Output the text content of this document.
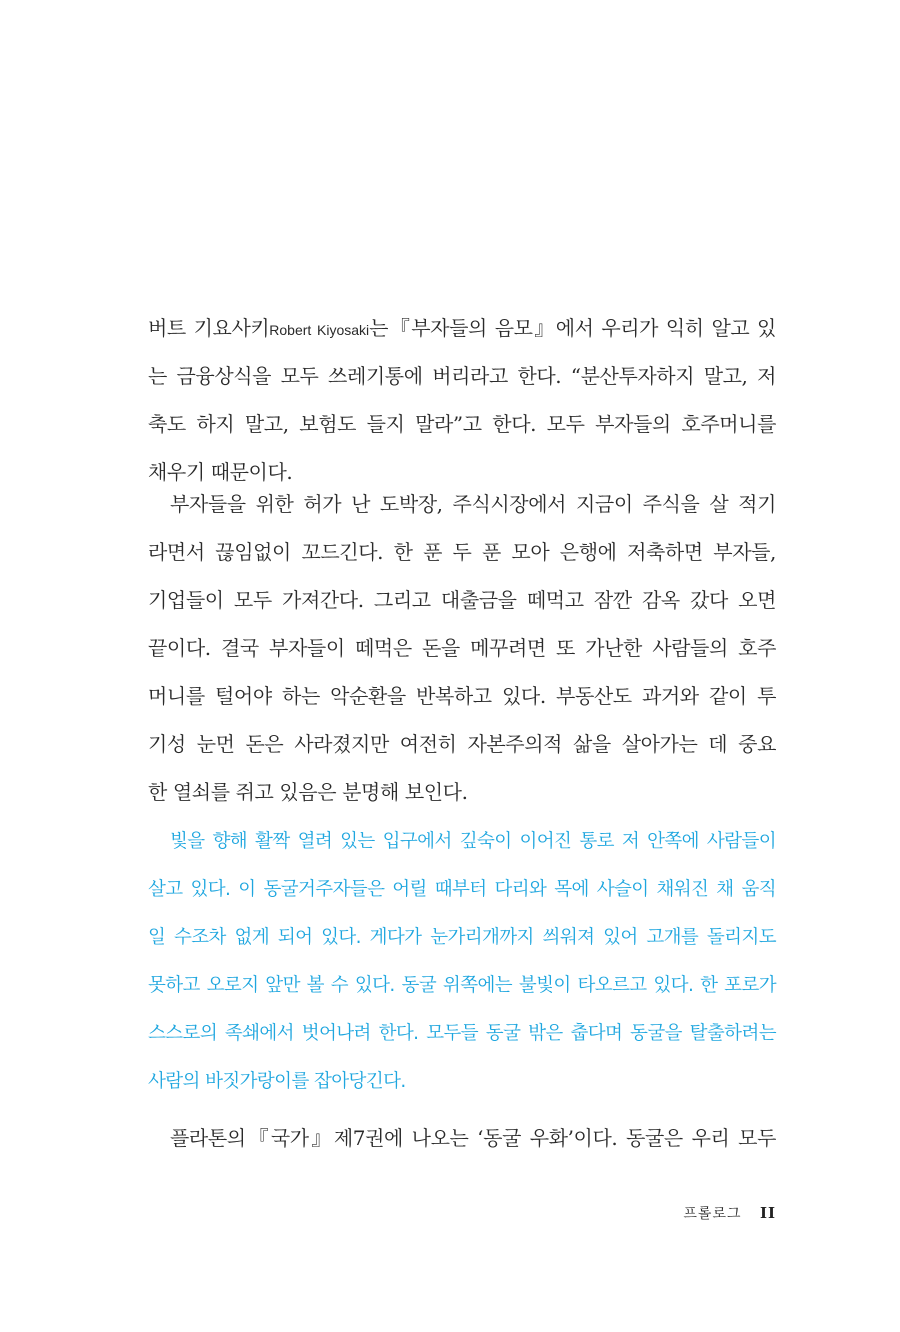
버트 기요사키Robert Kiyosaki는『부자들의 음모』에서 우리가 익히 알고 있
는 금융상식을 모두 쓰레기통에 버리라고 한다. “분산투자하지 말고, 저
축도 하지 말고, 보험도 들지 말라”고 한다. 모두 부자들의 호주머니를
채우기 때문이다.
부자들을 위한 허가 난 도박장, 주식시장에서 지금이 주식을 살 적기
라면서 끊임없이 꼬드긴다. 한 푼 두 푼 모아 은행에 저축하면 부자들,
기업들이 모두 가져간다. 그리고 대출금을 떼먹고 잠깐 감옥 갔다 오면
끝이다. 결국 부자들이 떼먹은 돈을 메꾸려면 또 가난한 사람들의 호주
머니를 털어야 하는 악순환을 반복하고 있다. 부동산도 과거와 같이 투
기성 눈먼 돈은 사라졌지만 여전히 자본주의적 삶을 살아가는 데 중요
한 열쇠를 쥐고 있음은 분명해 보인다.
빛을 향해 활짝 열려 있는 입구에서 깊숙이 이어진 통로 저 안쪽에 사람들이
살고 있다. 이 동굴거주자들은 어릴 때부터 다리와 목에 사슬이 채워진 채 움직
일 수조차 없게 되어 있다. 게다가 눈가리개까지 씌워져 있어 고개를 돌리지도
못하고 오로지 앞만 볼 수 있다. 동굴 위쪽에는 불빛이 타오르고 있다. 한 포로가
스스로의 족쇄에서 벗어나려 한다. 모두들 동굴 밖은 춥다며 동굴을 탈출하려는
사람의 바짓가랑이를 잡아당긴다.
플라톤의『국가』제7권에 나오는 ‘동굴 우화’이다. 동굴은 우리 모두
프롤로그 II
